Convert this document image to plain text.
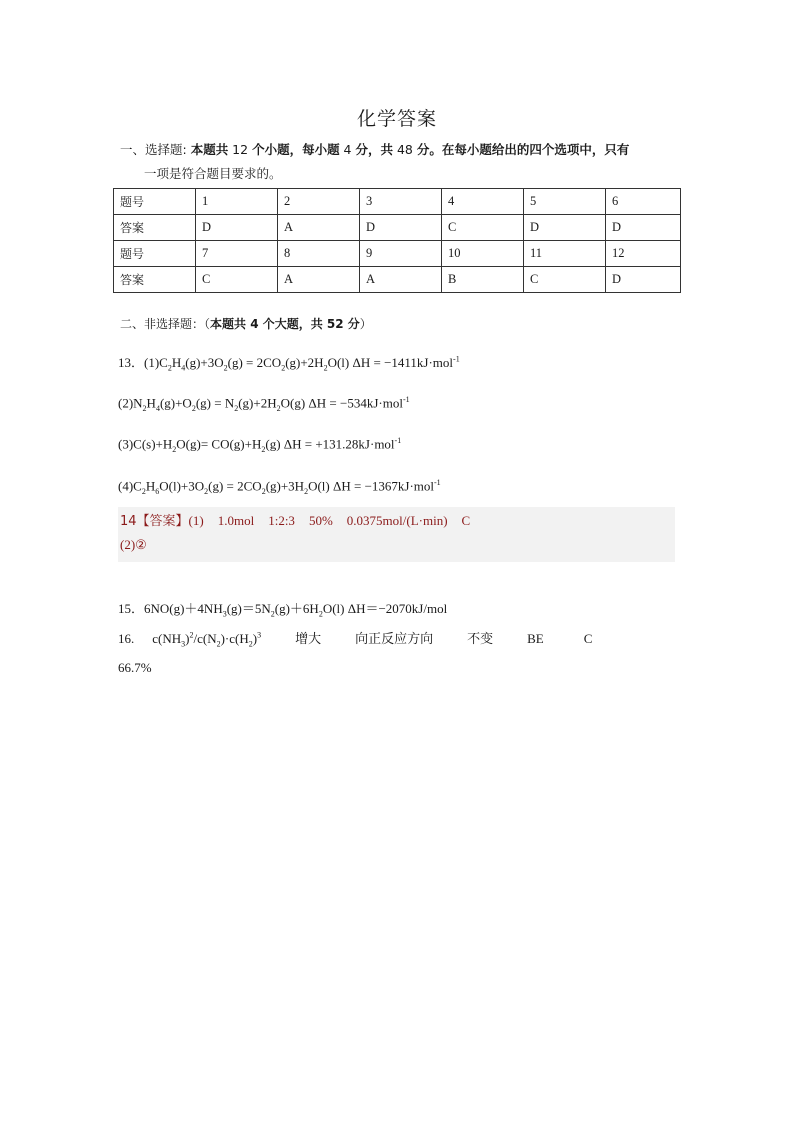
化学答案
一、选择题: 本题共 12 个小题，每小题 4 分，共 48 分。在每小题给出的四个选项中，只有
一项是符合题目要求的。
题号	1	2	3	4	5	6
答案	D	A	D	C	D	D
题号	7	8	9	10	11	12
答案	C	A	A	B	C	D
二、非选择题：（本题共 4 个大题，共 52 分）
13．$(1)C_2H_4(g)+3O_2(g) = 2CO_2(g)+2H_2O(l) \Delta H = -1411kJ\cdot mol^{-1}$
$(2)N_2H_4(g)+O_2(g) = N_2(g)+2H_2O(g) \Delta H = -534kJ\cdot mol^{-1}$
$(3)C(s)+H_2O(g)= CO(g)+H_2(g) \Delta H = +131.28kJ\cdot mol^{-1}$
$(4)C_2H_6O(l)+3O_2(g) = 2CO_2(g)+3H_2O(l) \Delta H = -1367kJ\cdot mol^{-1}$
14【答案】(1) 1.0mol 1:2:3 50% 0.0375mol/(L·min) C
(2)②
15．$6NO(g)+4NH_3(g)=5N_2(g)+6H_2O(l)$ ΔH＝−2070kJ/mol
16. $c(NH_3)^2/c(N_2)\cdot c(H_2)^3$	增大	向正反应方向	不变	BE	C
66.7%
